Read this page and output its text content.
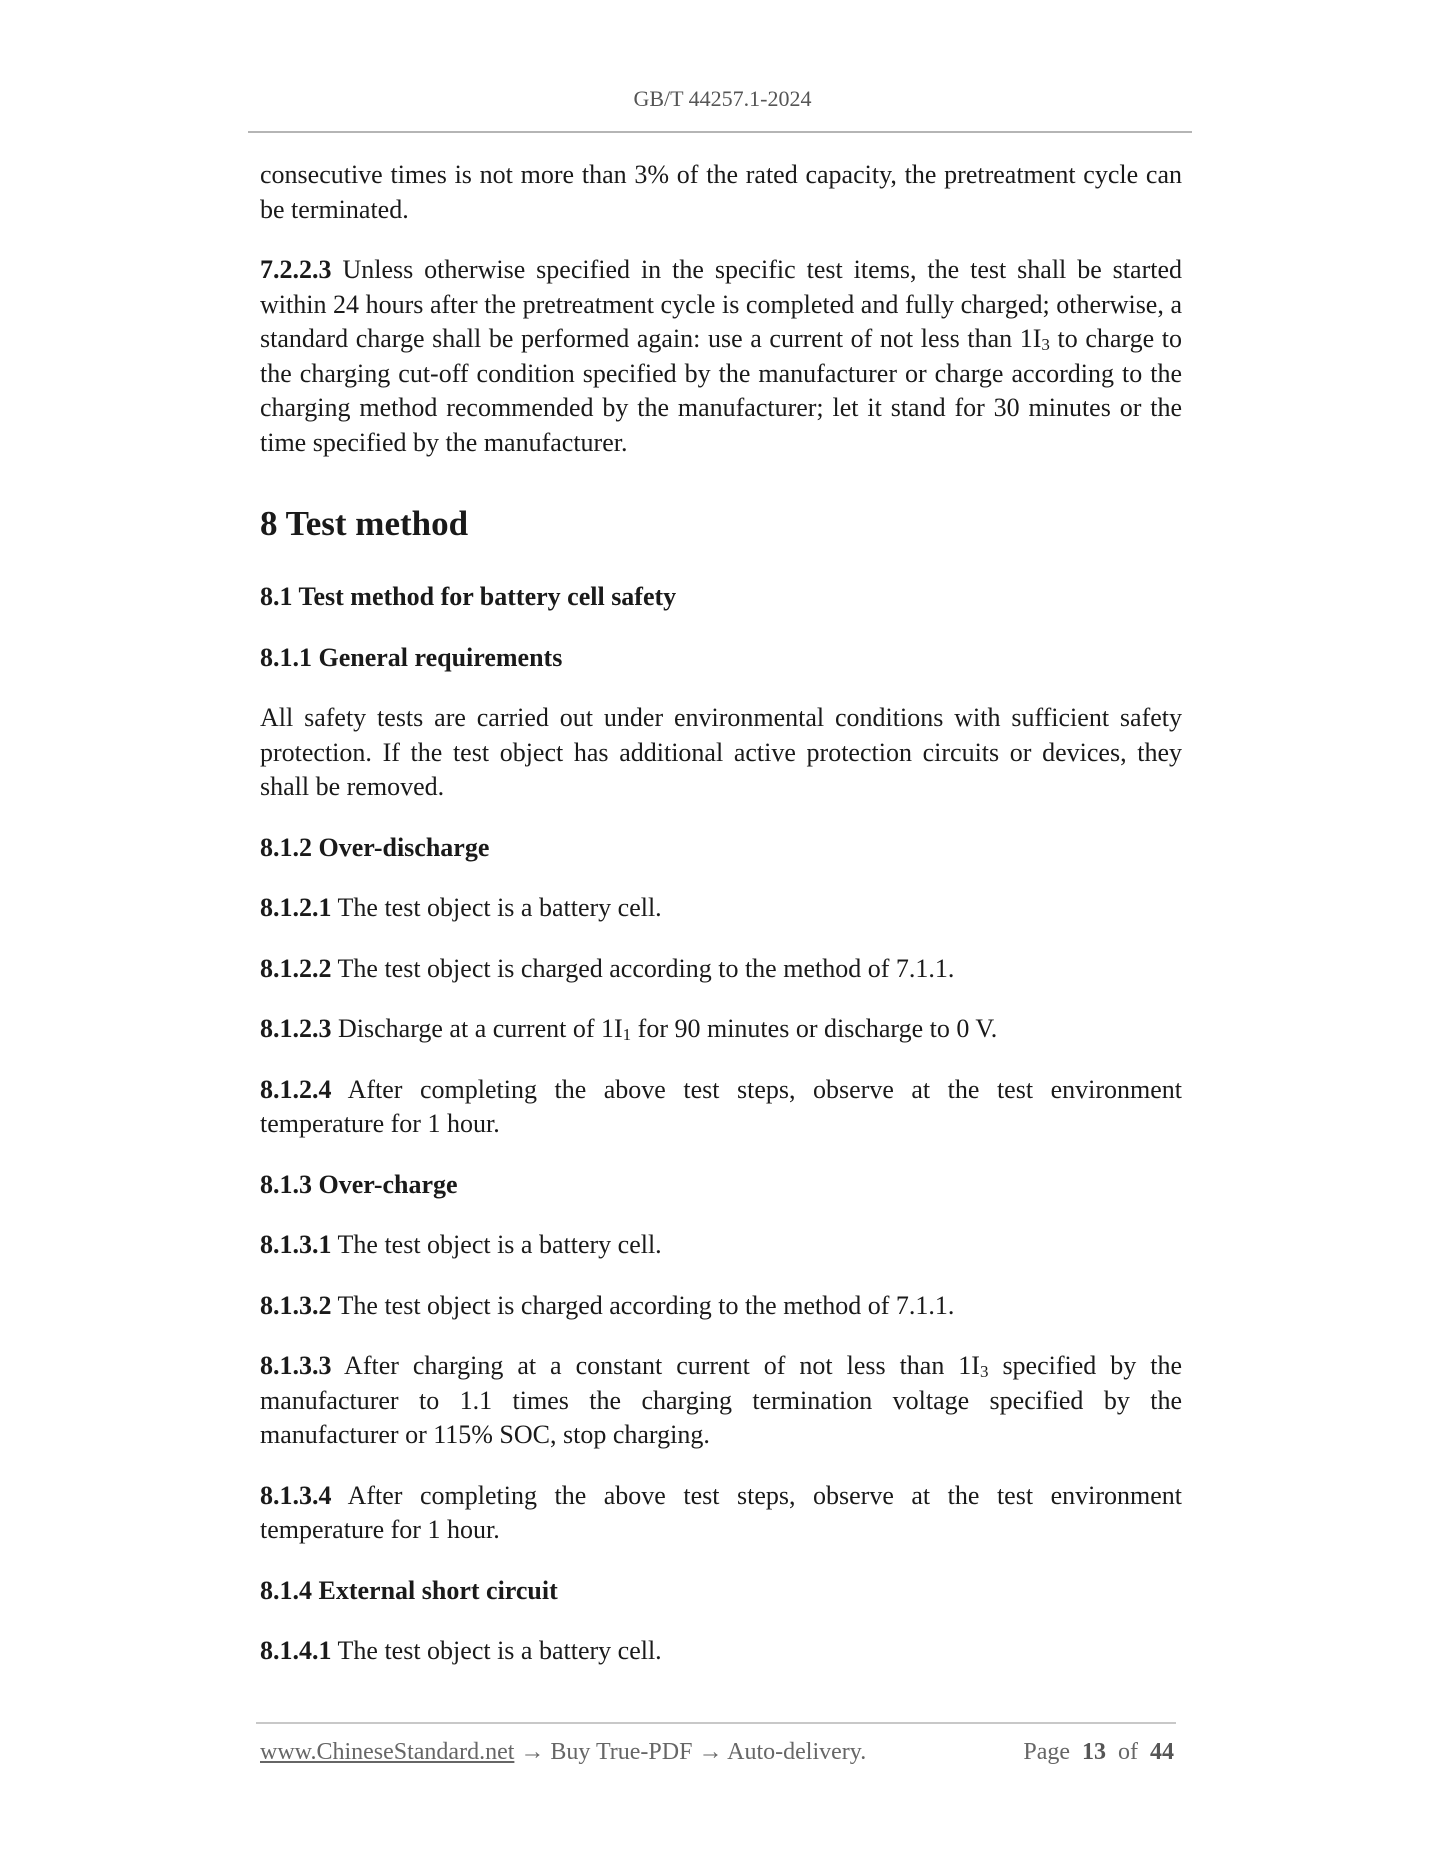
GB/T 44257.1-2024

consecutive times is not more than 3% of the rated capacity, the pretreatment cycle can be terminated.

7.2.2.3 Unless otherwise specified in the specific test items, the test shall be started within 24 hours after the pretreatment cycle is completed and fully charged; otherwise, a standard charge shall be performed again: use a current of not less than $1I_3$ to charge to the charging cut-off condition specified by the manufacturer or charge according to the charging method recommended by the manufacturer; let it stand for 30 minutes or the time specified by the manufacturer.

8 Test method
8.1 Test method for battery cell safety
8.1.1 General requirements

All safety tests are carried out under environmental conditions with sufficient safety protection. If the test object has additional active protection circuits or devices, they shall be removed.

8.1.2 Over-discharge

8.1.2.1 The test object is a battery cell.

8.1.2.2 The test object is charged according to the method of 7.1.1.

8.1.2.3 Discharge at a current of $1I_1$ for 90 minutes or discharge to 0 V.

8.1.2.4 After completing the above test steps, observe at the test environment temperature for 1 hour.

8.1.3 Over-charge

8.1.3.1 The test object is a battery cell.

8.1.3.2 The test object is charged according to the method of 7.1.1.

8.1.3.3 After charging at a constant current of not less than $1I_3$ specified by the manufacturer to 1.1 times the charging termination voltage specified by the manufacturer or 115% SOC, stop charging.

8.1.3.4 After completing the above test steps, observe at the test environment temperature for 1 hour.

8.1.4 External short circuit

8.1.4.1 The test object is a battery cell.

www.ChineseStandard.net → Buy True-PDF → Auto-delivery.	Page 13 of 44
